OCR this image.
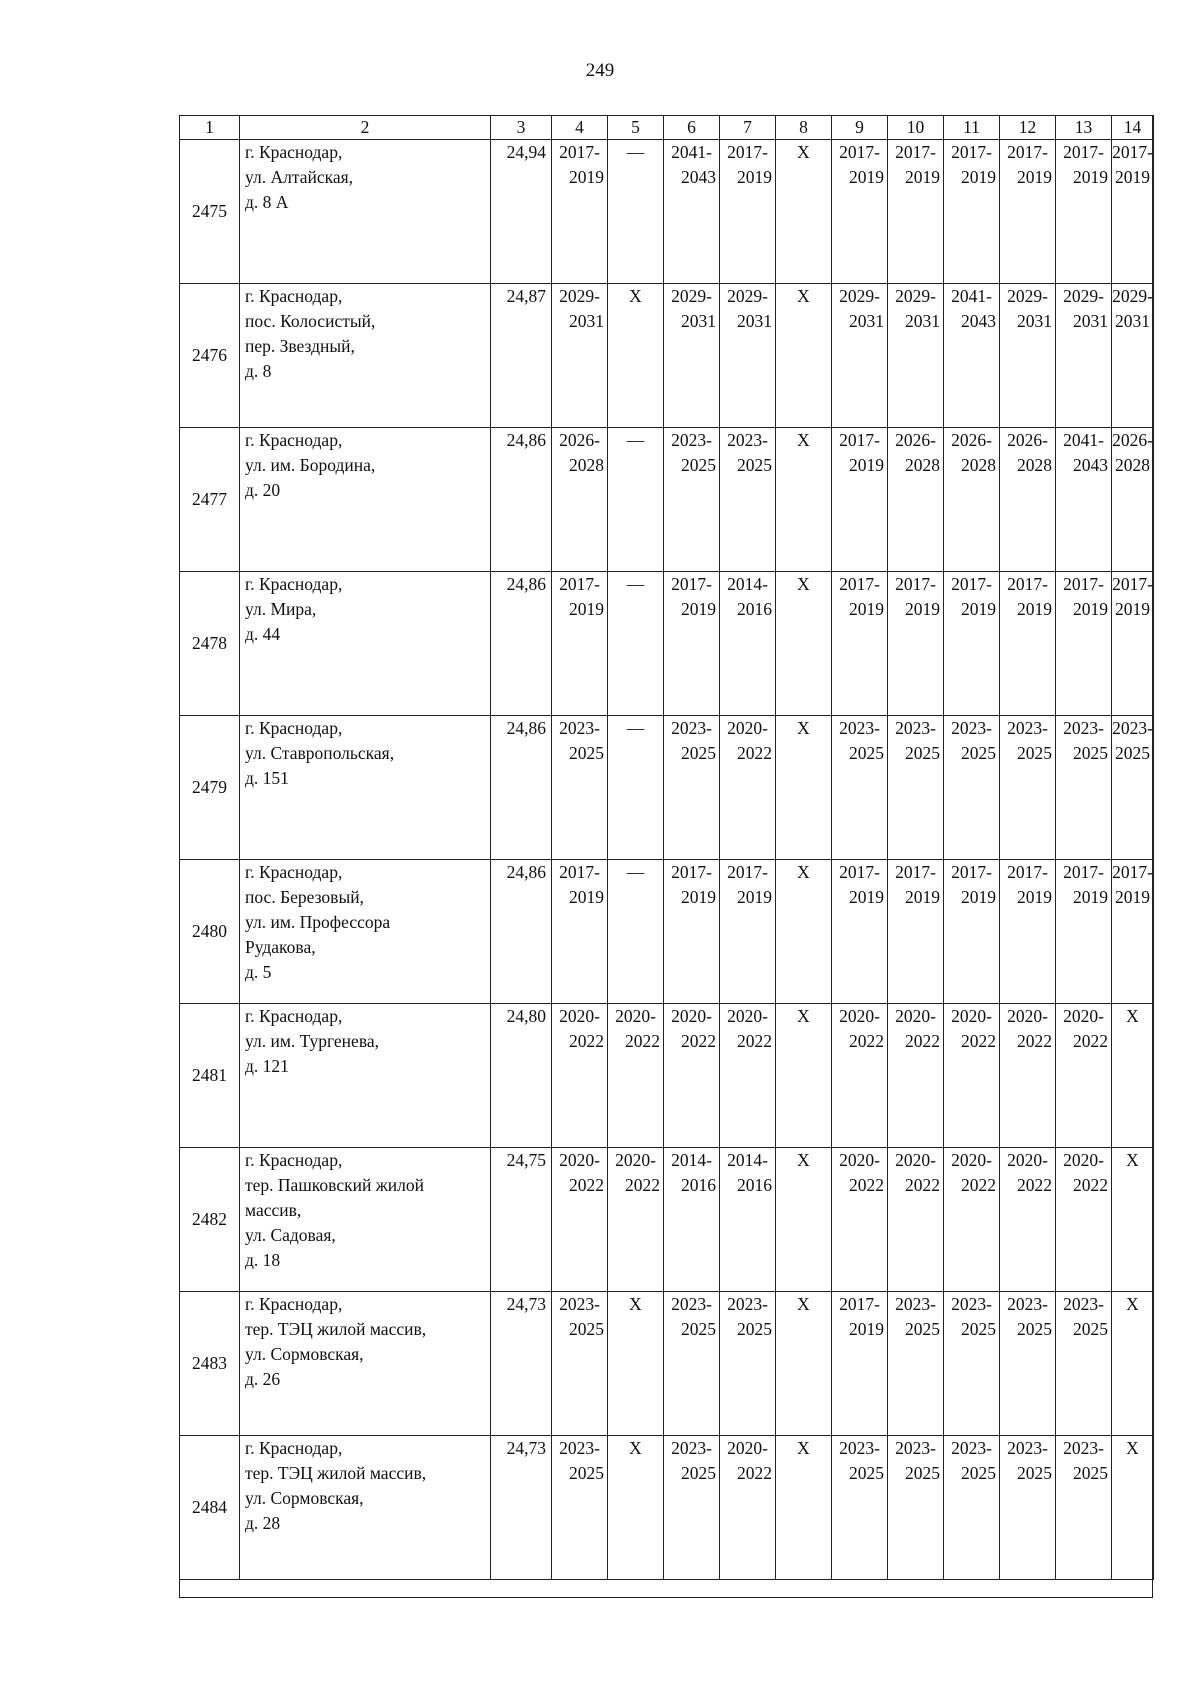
249
1	2	3	4	5	6	7	8	9	10	11	12	13	14
2475	г. Краснодар,
ул. Алтайская,
д. 8 А	24,94	2017-
2019	—	2041-
2043	2017-
2019	Х	2017-
2019	2017-
2019	2017-
2019	2017-
2019	2017-
2019	2017-
2019

2476	г. Краснодар,
пос. Колосистый,
пер. Звездный,
д. 8	24,87	2029-
2031	Х	2029-
2031	2029-
2031	Х	2029-
2031	2029-
2031	2041-
2043	2029-
2031	2029-
2031	2029-
2031

2477	г. Краснодар,
ул. им. Бородина,
д. 20	24,86	2026-
2028	—	2023-
2025	2023-
2025	Х	2017-
2019	2026-
2028	2026-
2028	2026-
2028	2041-
2043	2026-
2028

2478	г. Краснодар,
ул. Мира,
д. 44	24,86	2017-
2019	—	2017-
2019	2014-
2016	Х	2017-
2019	2017-
2019	2017-
2019	2017-
2019	2017-
2019	2017-
2019

2479	г. Краснодар,
ул. Ставропольская,
д. 151	24,86	2023-
2025	—	2023-
2025	2020-
2022	Х	2023-
2025	2023-
2025	2023-
2025	2023-
2025	2023-
2025	2023-
2025

2480	г. Краснодар,
пос. Березовый,
ул. им. Профессора
Рудакова,
д. 5	24,86	2017-
2019	—	2017-
2019	2017-
2019	Х	2017-
2019	2017-
2019	2017-
2019	2017-
2019	2017-
2019	2017-
2019

2481	г. Краснодар,
ул. им. Тургенева,
д. 121	24,80	2020-
2022	2020-
2022	2020-
2022	2020-
2022	Х	2020-
2022	2020-
2022	2020-
2022	2020-
2022	2020-
2022	Х

2482	г. Краснодар,
тер. Пашковский жилой
массив,
ул. Садовая,
д. 18	24,75	2020-
2022	2020-
2022	2014-
2016	2014-
2016	Х	2020-
2022	2020-
2022	2020-
2022	2020-
2022	2020-
2022	Х

2483	г. Краснодар,
тер. ТЭЦ жилой массив,
ул. Сормовская,
д. 26	24,73	2023-
2025	Х	2023-
2025	2023-
2025	Х	2017-
2019	2023-
2025	2023-
2025	2023-
2025	2023-
2025	Х

2484	г. Краснодар,
тер. ТЭЦ жилой массив,
ул. Сормовская,
д. 28	24,73	2023-
2025	Х	2023-
2025	2020-
2022	Х	2023-
2025	2023-
2025	2023-
2025	2023-
2025	2023-
2025	Х
